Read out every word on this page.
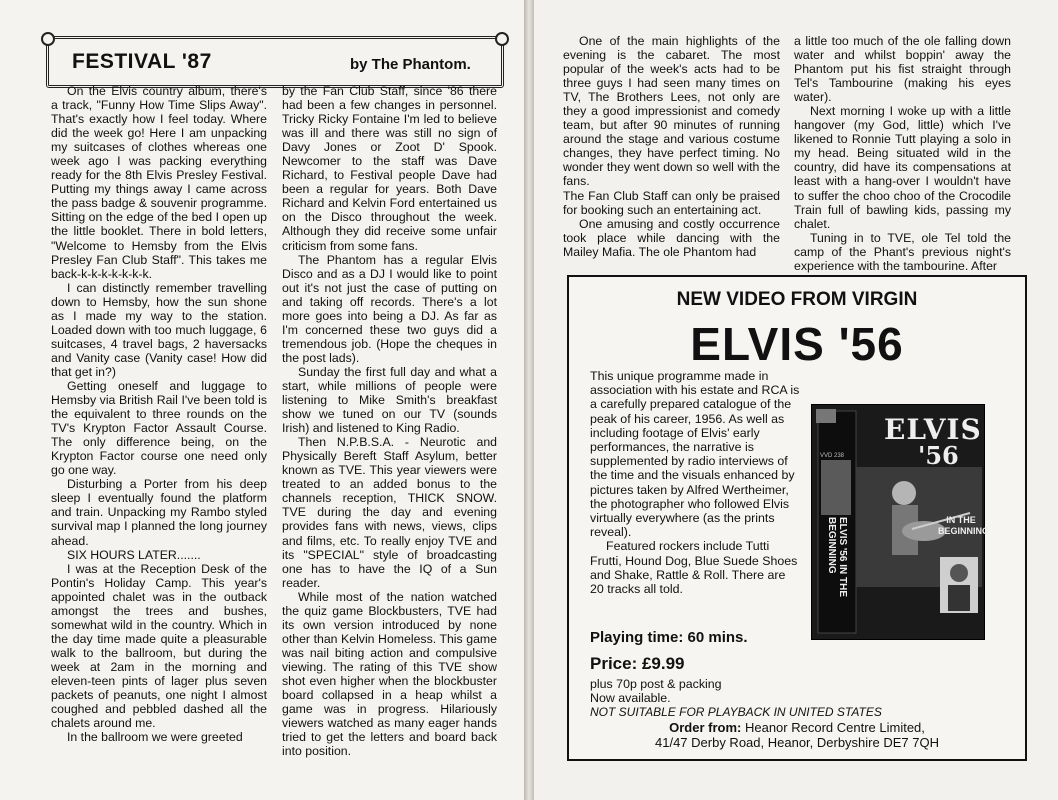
FESTIVAL '87	by The Phantom.

On the Elvis country album, there's a track, "Funny How Time Slips Away". That's exactly how I feel today. Where did the week go! Here I am unpacking my suitcases of clothes whereas one week ago I was packing everything ready for the 8th Elvis Presley Festival. Putting my things away I came across the pass badge & souvenir programme. Sitting on the edge of the bed I open up the little booklet. There in bold letters, "Welcome to Hemsby from the Elvis Presley Fan Club Staff". This takes me back-k-k-k-k-k-k-k.

I can distinctly remember travelling down to Hemsby, how the sun shone as I made my way to the station. Loaded down with too much luggage, 6 suitcases, 4 travel bags, 2 haversacks and Vanity case (Vanity case! How did that get in?)

Getting oneself and luggage to Hemsby via British Rail I've been told is the equivalent to three rounds on the TV's Krypton Factor Assault Course. The only difference being, on the Krypton Factor course one need only go one way.

Disturbing a Porter from his deep sleep I eventually found the platform and train. Unpacking my Rambo styled survival map I planned the long journey ahead.

SIX HOURS LATER.......

I was at the Reception Desk of the Pontin's Holiday Camp. This year's appointed chalet was in the outback amongst the trees and bushes, somewhat wild in the country. Which in the day time made quite a pleasurable walk to the ballroom, but during the week at 2am in the morning and eleven-teen pints of lager plus seven packets of peanuts, one night I almost coughed and pebbled dashed all the chalets around me.

In the ballroom we were greeted

by the Fan Club Staff, since '86 there had been a few changes in personnel. Tricky Ricky Fontaine I'm led to believe was ill and there was still no sign of Davy Jones or Zoot D' Spook. Newcomer to the staff was Dave Richard, to Festival people Dave had been a regular for years. Both Dave Richard and Kelvin Ford entertained us on the Disco throughout the week. Although they did receive some unfair criticism from some fans.

The Phantom has a regular Elvis Disco and as a DJ I would like to point out it's not just the case of putting on and taking off records. There's a lot more goes into being a DJ. As far as I'm concerned these two guys did a tremendous job. (Hope the cheques in the post lads).

Sunday the first full day and what a start, while millions of people were listening to Mike Smith's breakfast show we tuned on our TV (sounds Irish) and listened to King Radio.

Then N.P.B.S.A. - Neurotic and Physically Bereft Staff Asylum, better known as TVE. This year viewers were treated to an added bonus to the channels reception, THICK SNOW. TVE during the day and evening provides fans with news, views, clips and films, etc. To really enjoy TVE and its "SPECIAL" style of broadcasting one has to have the IQ of a Sun reader.

While most of the nation watched the quiz game Blockbusters, TVE had its own version introduced by none other than Kelvin Homeless. This game was nail biting action and compulsive viewing. The rating of this TVE show shot even higher when the blockbuster board collapsed in a heap whilst a game was in progress. Hilariously viewers watched as many eager hands tried to get the letters and board back into position.

One of the main highlights of the evening is the cabaret. The most popular of the week's acts had to be three guys I had seen many times on TV, The Brothers Lees, not only are they a good impressionist and comedy team, but after 90 minutes of running around the stage and various costume changes, they have perfect timing. No wonder they went down so well with the fans.

The Fan Club Staff can only be praised for booking such an entertaining act.

One amusing and costly occurrence took place while dancing with the Mailey Mafia. The ole Phantom had

a little too much of the ole falling down water and whilst boppin' away the Phantom put his fist straight through Tel's Tambourine (making his eyes water).

Next morning I woke up with a little hangover (my God, little) which I've likened to Ronnie Tutt playing a solo in my head. Being situated wild in the country, did have its compensations at least with a hang-over I wouldn't have to suffer the choo choo of the Crocodile Train full of bawling kids, passing my chalet.

Tuning in to TVE, ole Tel told the camp of the Phant's previous night's experience with the tambourine. After

NEW VIDEO FROM VIRGIN
ELVIS '56

This unique programme made in association with his estate and RCA is a carefully prepared catalogue of the peak of his career, 1956. As well as including footage of Elvis' early performances, the narrative is supplemented by radio interviews of the time and the visuals enhanced by pictures taken by Alfred Wertheimer, the photographer who followed Elvis virtually everywhere (as the prints reveal).

Featured rockers include Tutti Frutti, Hound Dog, Blue Suede Shoes and Shake, Rattle & Roll. There are 20 tracks all told.

ELVIS
'56
VVD 238
IN THE BEGINNING
ELVIS '56 IN THE BEGINNING
Playing time: 60 mins.
Price: £9.99
plus 70p post & packing
Now available.
NOT SUITABLE FOR PLAYBACK IN UNITED STATES
Order from: Heanor Record Centre Limited,
41/47 Derby Road, Heanor, Derbyshire DE7 7QH
